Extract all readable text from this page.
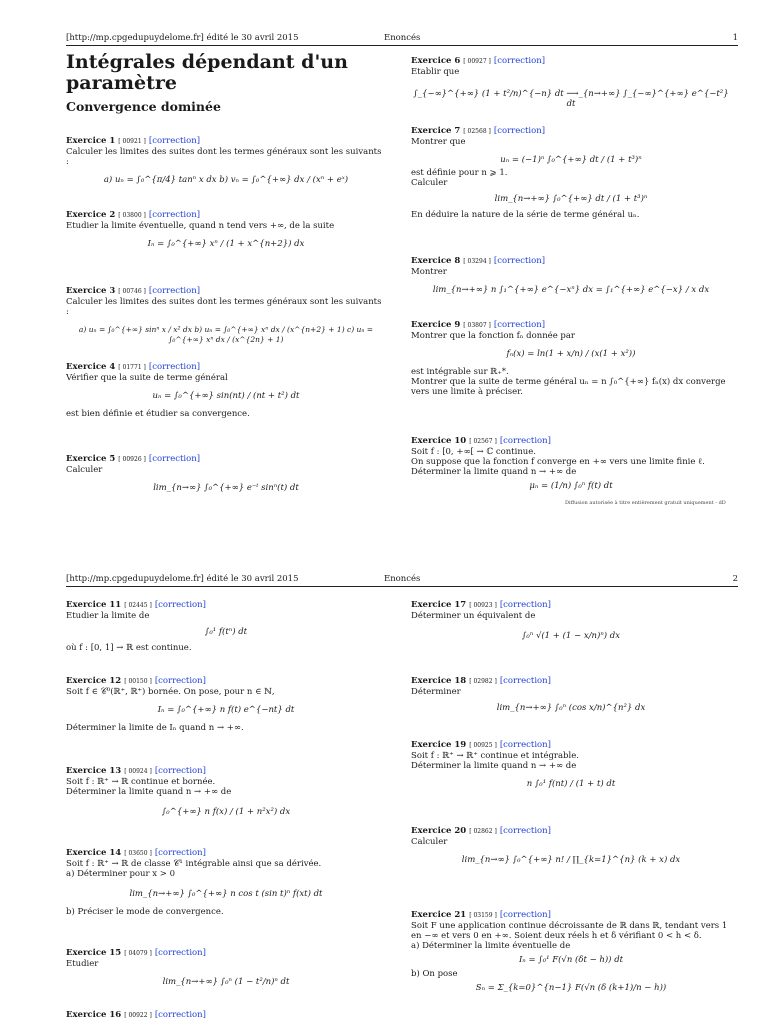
[http://mp.cpgedupuydelome.fr] édité le 30 avril 2015	Enoncés	1
Intégrales dépendant d'un paramètre
Convergence dominée
Exercice 1 [ 00921 ] [correction]
Calculer les limites des suites dont les termes généraux sont les suivants :
a) uₙ = ∫₀^{π/4} tanⁿ x dx b) vₙ = ∫₀^{+∞} dx / (xⁿ + eˣ)
Exercice 2 [ 03800 ] [correction]
Etudier la limite éventuelle, quand n tend vers +∞, de la suite
Iₙ = ∫₀^{+∞} xⁿ / (1 + x^{n+2}) dx
Exercice 3 [ 00746 ] [correction]
Calculer les limites des suites dont les termes généraux sont les suivants :
a) uₙ = ∫₀^{+∞} sinⁿ x / x² dx b) uₙ = ∫₀^{+∞} xⁿ dx / (x^{n+2} + 1) c) uₙ = ∫₀^{+∞} xⁿ dx / (x^{2n} + 1)
Exercice 4 [ 01771 ] [correction]
Vérifier que la suite de terme général
uₙ = ∫₀^{+∞} sin(nt) / (nt + t²) dt
est bien définie et étudier sa convergence.
Exercice 5 [ 00926 ] [correction]
Calculer
lim_{n→∞} ∫₀^{+∞} e⁻ᵗ sinⁿ(t) dt
Exercice 6 [ 00927 ] [correction]
Etablir que
∫_{−∞}^{+∞} (1 + t²/n)^{−n} dt ⟶_{n→+∞} ∫_{−∞}^{+∞} e^{−t²} dt
Exercice 7 [ 02568 ] [correction]
Montrer que
uₙ = (−1)ⁿ ∫₀^{+∞} dt / (1 + t³)ⁿ
est définie pour n ⩾ 1.
Calculer
lim_{n→+∞} ∫₀^{+∞} dt / (1 + t³)ⁿ
En déduire la nature de la série de terme général uₙ.
Exercice 8 [ 03294 ] [correction]
Montrer
lim_{n→+∞} n ∫₁^{+∞} e^{−xⁿ} dx = ∫₁^{+∞} e^{−x} / x dx
Exercice 9 [ 03807 ] [correction]
Montrer que la fonction fₙ donnée par
fₙ(x) = ln(1 + x/n) / (x(1 + x²))
est intégrable sur ℝ₊*.
Montrer que la suite de terme général uₙ = n ∫₀^{+∞} fₙ(x) dx converge vers une limite à préciser.
Exercice 10 [ 02567 ] [correction]
Soit f : [0, +∞[ → ℂ continue.
On suppose que la fonction f converge en +∞ vers une limite finie ℓ.
Déterminer la limite quand n → +∞ de
μₙ = (1/n) ∫₀ⁿ f(t) dt
Diffusion autorisée à titre entièrement gratuit uniquement - dD
[http://mp.cpgedupuydelome.fr] édité le 30 avril 2015	Enoncés	2
Exercice 11 [ 02445 ] [correction]
Etudier la limite de
∫₀¹ f(tⁿ) dt
où f : [0, 1] → ℝ est continue.
Exercice 12 [ 00150 ] [correction]
Soit f ∈ 𝒞⁰(ℝ⁺, ℝ⁺) bornée. On pose, pour n ∈ ℕ,
Iₙ = ∫₀^{+∞} n f(t) e^{−nt} dt
Déterminer la limite de Iₙ quand n → +∞.
Exercice 13 [ 00924 ] [correction]
Soit f : ℝ⁺ → ℝ continue et bornée.
Déterminer la limite quand n → +∞ de
∫₀^{+∞} n f(x) / (1 + n²x²) dx
Exercice 14 [ 03650 ] [correction]
Soit f : ℝ⁺ → ℝ de classe 𝒞¹ intégrable ainsi que sa dérivée.
a) Déterminer pour x > 0
lim_{n→+∞} ∫₀^{+∞} n cos t (sin t)ⁿ f(xt) dt
b) Préciser le mode de convergence.
Exercice 15 [ 04079 ] [correction]
Etudier
lim_{n→+∞} ∫₀ⁿ (1 − t²/n)ⁿ dt
Exercice 16 [ 00922 ] [correction]
Exercice 17 [ 00923 ] [correction]
Déterminer un équivalent de
∫₀ⁿ √(1 + (1 − x/n)ⁿ) dx
Exercice 18 [ 02982 ] [correction]
Déterminer
lim_{n→+∞} ∫₀ⁿ (cos x/n)^{n²} dx
Exercice 19 [ 00925 ] [correction]
Soit f : ℝ⁺ → ℝ⁺ continue et intégrable.
Déterminer la limite quand n → +∞ de
n ∫₀¹ f(nt) / (1 + t) dt
Exercice 20 [ 02862 ] [correction]
Calculer
lim_{n→∞} ∫₀^{+∞} n! / ∏_{k=1}^{n} (k + x) dx
Exercice 21 [ 03159 ] [correction]
Soit F une application continue décroissante de ℝ dans ℝ, tendant vers 1 en −∞ et vers 0 en +∞. Soient deux réels h et δ vérifiant 0 < h < δ.
a) Déterminer la limite éventuelle de
Iₙ = ∫₀¹ F(√n (δt − h)) dt
b) On pose
Sₙ = Σ_{k=0}^{n−1} F(√n (δ (k+1)/n − h))
